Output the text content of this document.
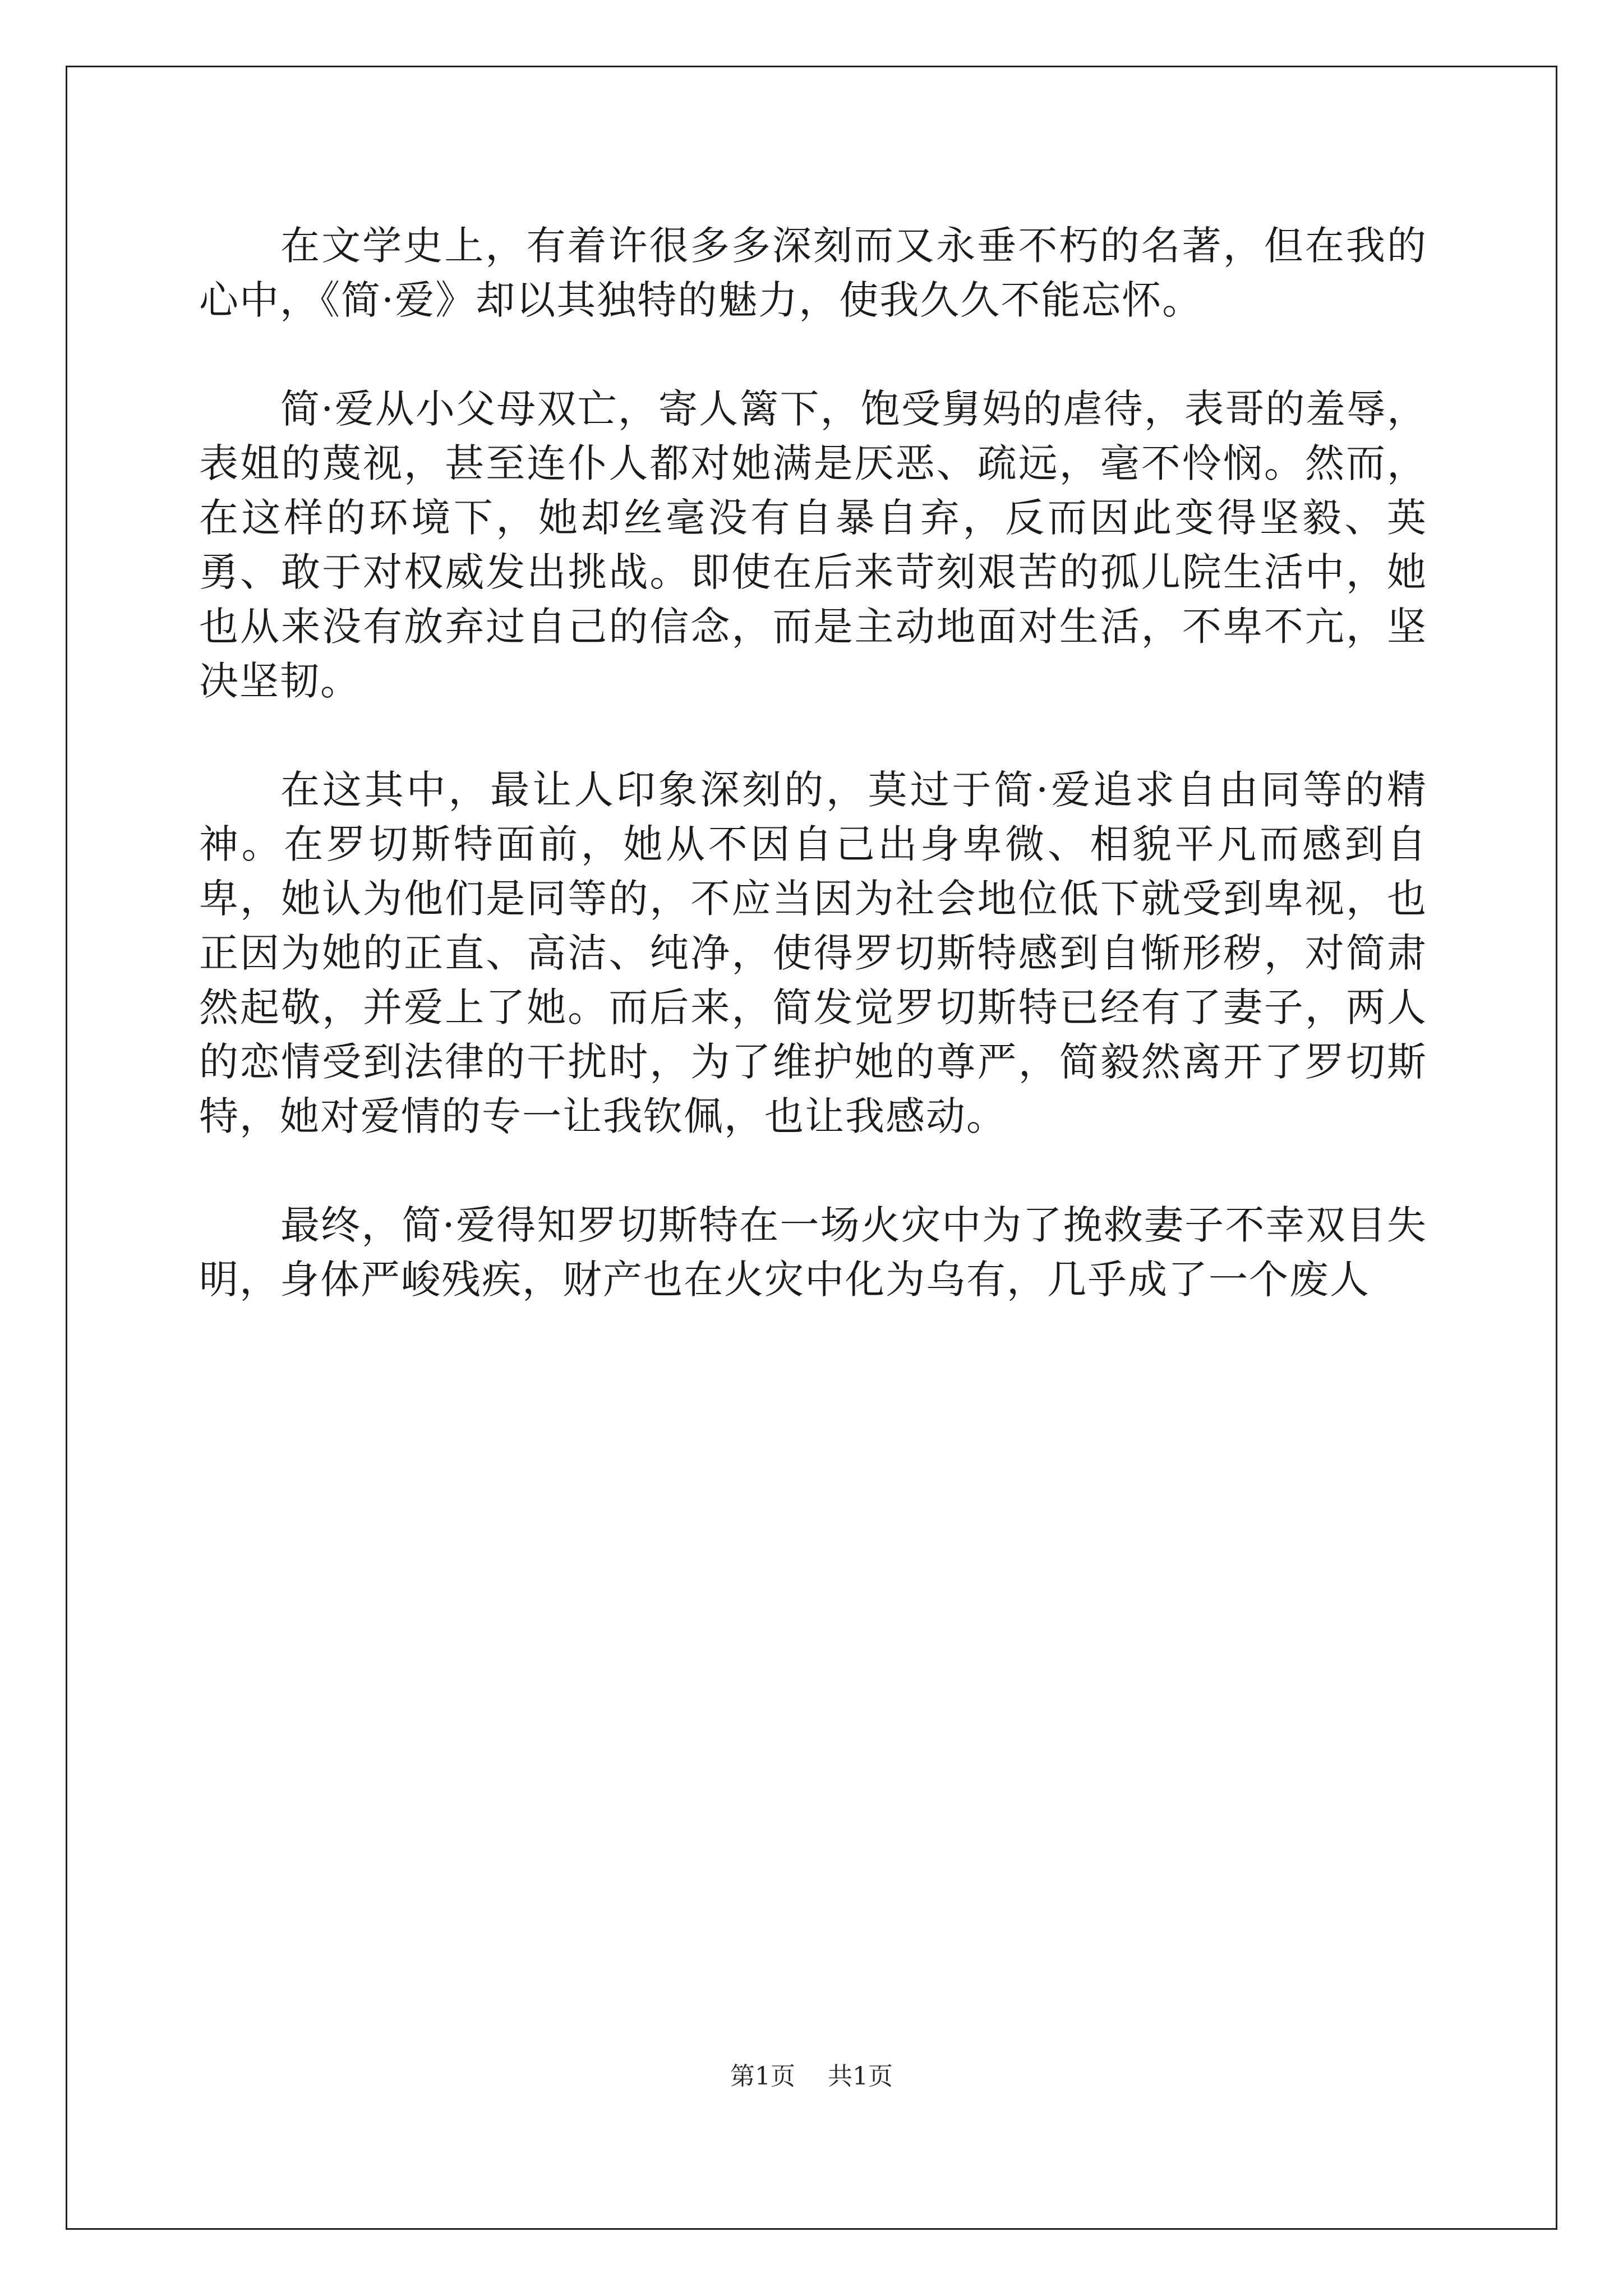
在文学史上，有着许很多多深刻而又永垂不朽的名著，但在我的心中，《简·爱》却以其独特的魅力，使我久久不能忘怀。

简·爱从小父母双亡，寄人篱下，饱受舅妈的虐待，表哥的羞辱，表姐的蔑视，甚至连仆人都对她满是厌恶、疏远，毫不怜悯。然而，在这样的环境下，她却丝毫没有自暴自弃，反而因此变得坚毅、英勇、敢于对权威发出挑战。即使在后来苛刻艰苦的孤儿院生活中，她也从来没有放弃过自己的信念，而是主动地面对生活，不卑不亢，坚决坚韧。

在这其中，最让人印象深刻的，莫过于简·爱追求自由同等的精神。在罗切斯特面前，她从不因自己出身卑微、相貌平凡而感到自卑，她认为他们是同等的，不应当因为社会地位低下就受到卑视，也正因为她的正直、高洁、纯净，使得罗切斯特感到自惭形秽，对简肃然起敬，并爱上了她。而后来，简发觉罗切斯特已经有了妻子，两人的恋情受到法律的干扰时，为了维护她的尊严，简毅然离开了罗切斯特，她对爱情的专一让我钦佩，也让我感动。

最终，简·爱得知罗切斯特在一场火灾中为了挽救妻子不幸双目失明，身体严峻残疾，财产也在火灾中化为乌有，几乎成了一个废人

第1页 共1页
